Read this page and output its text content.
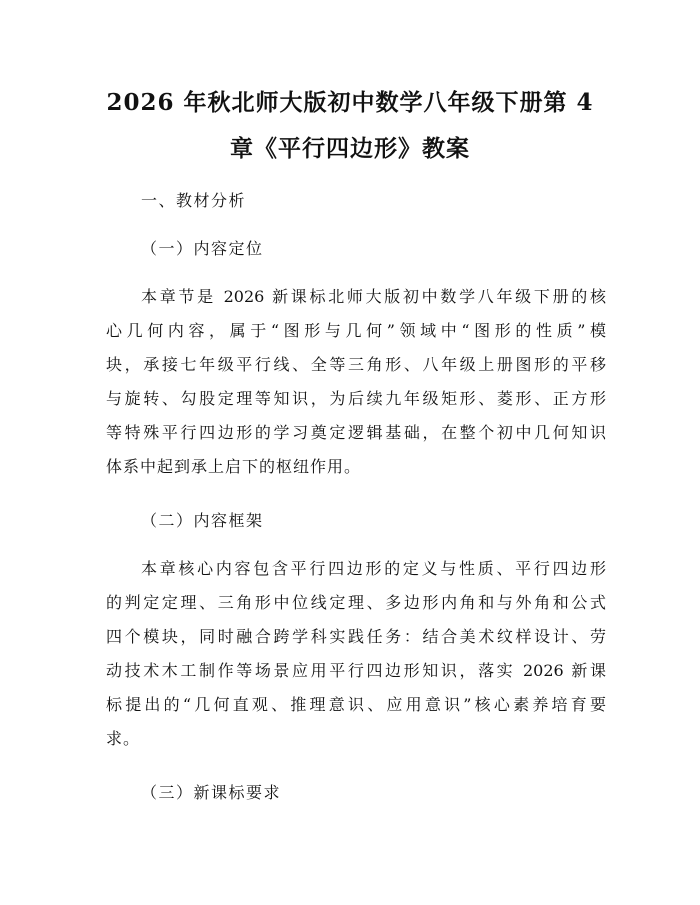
2026 年秋北师大版初中数学八年级下册第 4
章《平行四边形》教案
一、教材分析
（一）内容定位
本章节是 2026 新课标北师大版初中数学八年级下册的核
心几何内容，属于“图形与几何”领域中“图形的性质”模
块，承接七年级平行线、全等三角形、八年级上册图形的平移
与旋转、勾股定理等知识，为后续九年级矩形、菱形、正方形
等特殊平行四边形的学习奠定逻辑基础，在整个初中几何知识
体系中起到承上启下的枢纽作用。
（二）内容框架
本章核心内容包含平行四边形的定义与性质、平行四边形
的判定定理、三角形中位线定理、多边形内角和与外角和公式
四个模块，同时融合跨学科实践任务：结合美术纹样设计、劳
动技术木工制作等场景应用平行四边形知识，落实 2026 新课
标提出的“几何直观、推理意识、应用意识”核心素养培育要
求。
（三）新课标要求
